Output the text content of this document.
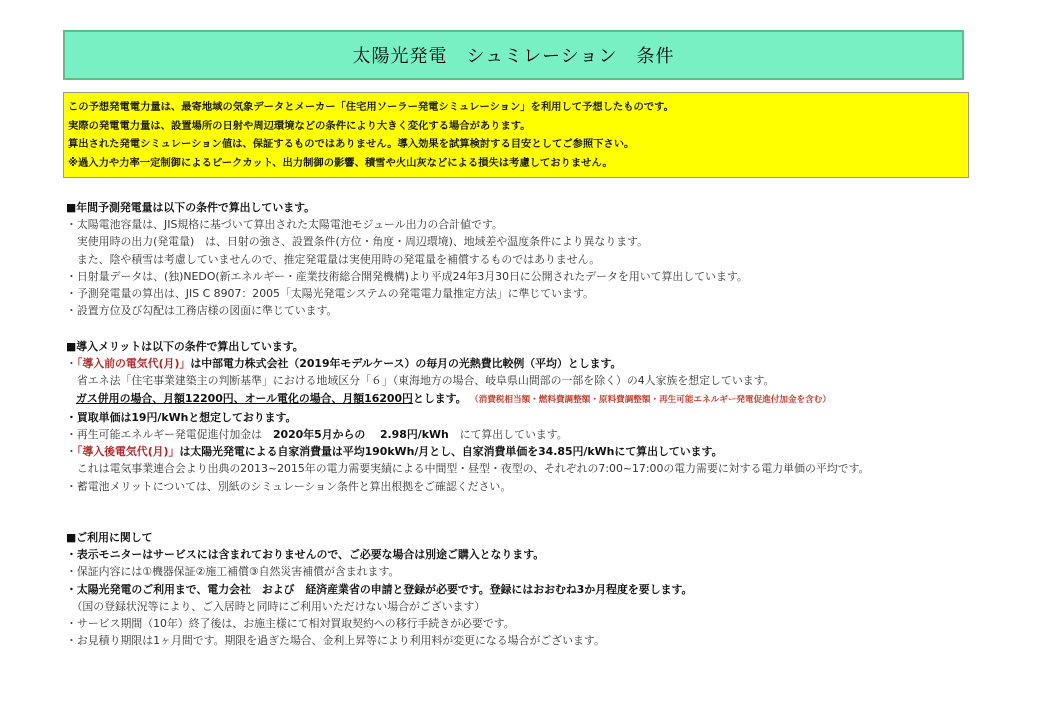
太陽光発電　シュミレーション　条件
この予想発電電力量は、最寄地域の気象データとメーカー「住宅用ソーラー発電シミュレーション」を利用して予想したものです。
実際の発電電力量は、設置場所の日射や周辺環境などの条件により大きく変化する場合があります。
算出された発電シミュレーション値は、保証するものではありません。導入効果を試算検討する目安としてご参照下さい。
※過入力や力率一定制御によるピークカット、出力制御の影響、積雪や火山灰などによる損失は考慮しておりません。
■年間予測発電量は以下の条件で算出しています。
・太陽電池容量は、JIS規格に基づいて算出された太陽電池モジュール出力の合計値です。
　実使用時の出力(発電量)　は、日射の強さ、設置条件(方位・角度・周辺環境)、地域差や温度条件により異なります。
　また、陰や積雪は考慮していませんので、推定発電量は実使用時の発電量を補償するものではありません。
・日射量データは、(独)NEDO(新エネルギー・産業技術総合開発機構)より平成24年3月30日に公開されたデータを用いて算出しています。
・予測発電量の算出は、JIS C 8907：2005「太陽光発電システムの発電電力量推定方法」に準じています。
・設置方位及び勾配は工務店様の図面に準じています。
■導入メリットは以下の条件で算出しています。
・「導入前の電気代(月)」は中部電力株式会社（2019年モデルケース）の毎月の光熱費比較例（平均）とします。
　省エネ法「住宅事業建築主の判断基準」における地域区分「６」（東海地方の場合、岐阜県山間部の一部を除く）の4人家族を想定しています。
ガス併用の場合、月額12200円、オール電化の場合、月額16200円とします。 （消費税相当額・燃料費調整額・原料費調整額・再生可能エネルギー発電促進付加金を含む）
・買取単価は19円/kWhと想定しております。
・再生可能エネルギー発電促進付加金は　2020年5月からの　 2.98円/kWh　にて算出しています。
・「導入後電気代(月)」は太陽光発電による自家消費量は平均190kWh/月とし、自家消費単価を34.85円/kWhにて算出しています。
　これは電気事業連合会より出典の2013~2015年の電力需要実績による中間型・昼型・夜型の、それぞれの7:00~17:00の電力需要に対する電力単価の平均です。
・蓄電池メリットについては、別紙のシミュレーション条件と算出根拠をご確認ください。
■ご利用に関して
・表示モニターはサービスには含まれておりませんので、ご必要な場合は別途ご購入となります。
・保証内容には①機器保証②施工補償③自然災害補償が含まれます。
・太陽光発電のご利用まで、電力会社　および　経済産業省の申請と登録が必要です。登録にはおおむね3か月程度を要します。
　（国の登録状況等により、ご入居時と同時にご利用いただけない場合がございます）
・サービス期間（10年）終了後は、お施主様にて相対買取契約への移行手続きが必要です。
・お見積り期限は1ヶ月間です。期限を過ぎた場合、金利上昇等により利用料が変更になる場合がございます。
